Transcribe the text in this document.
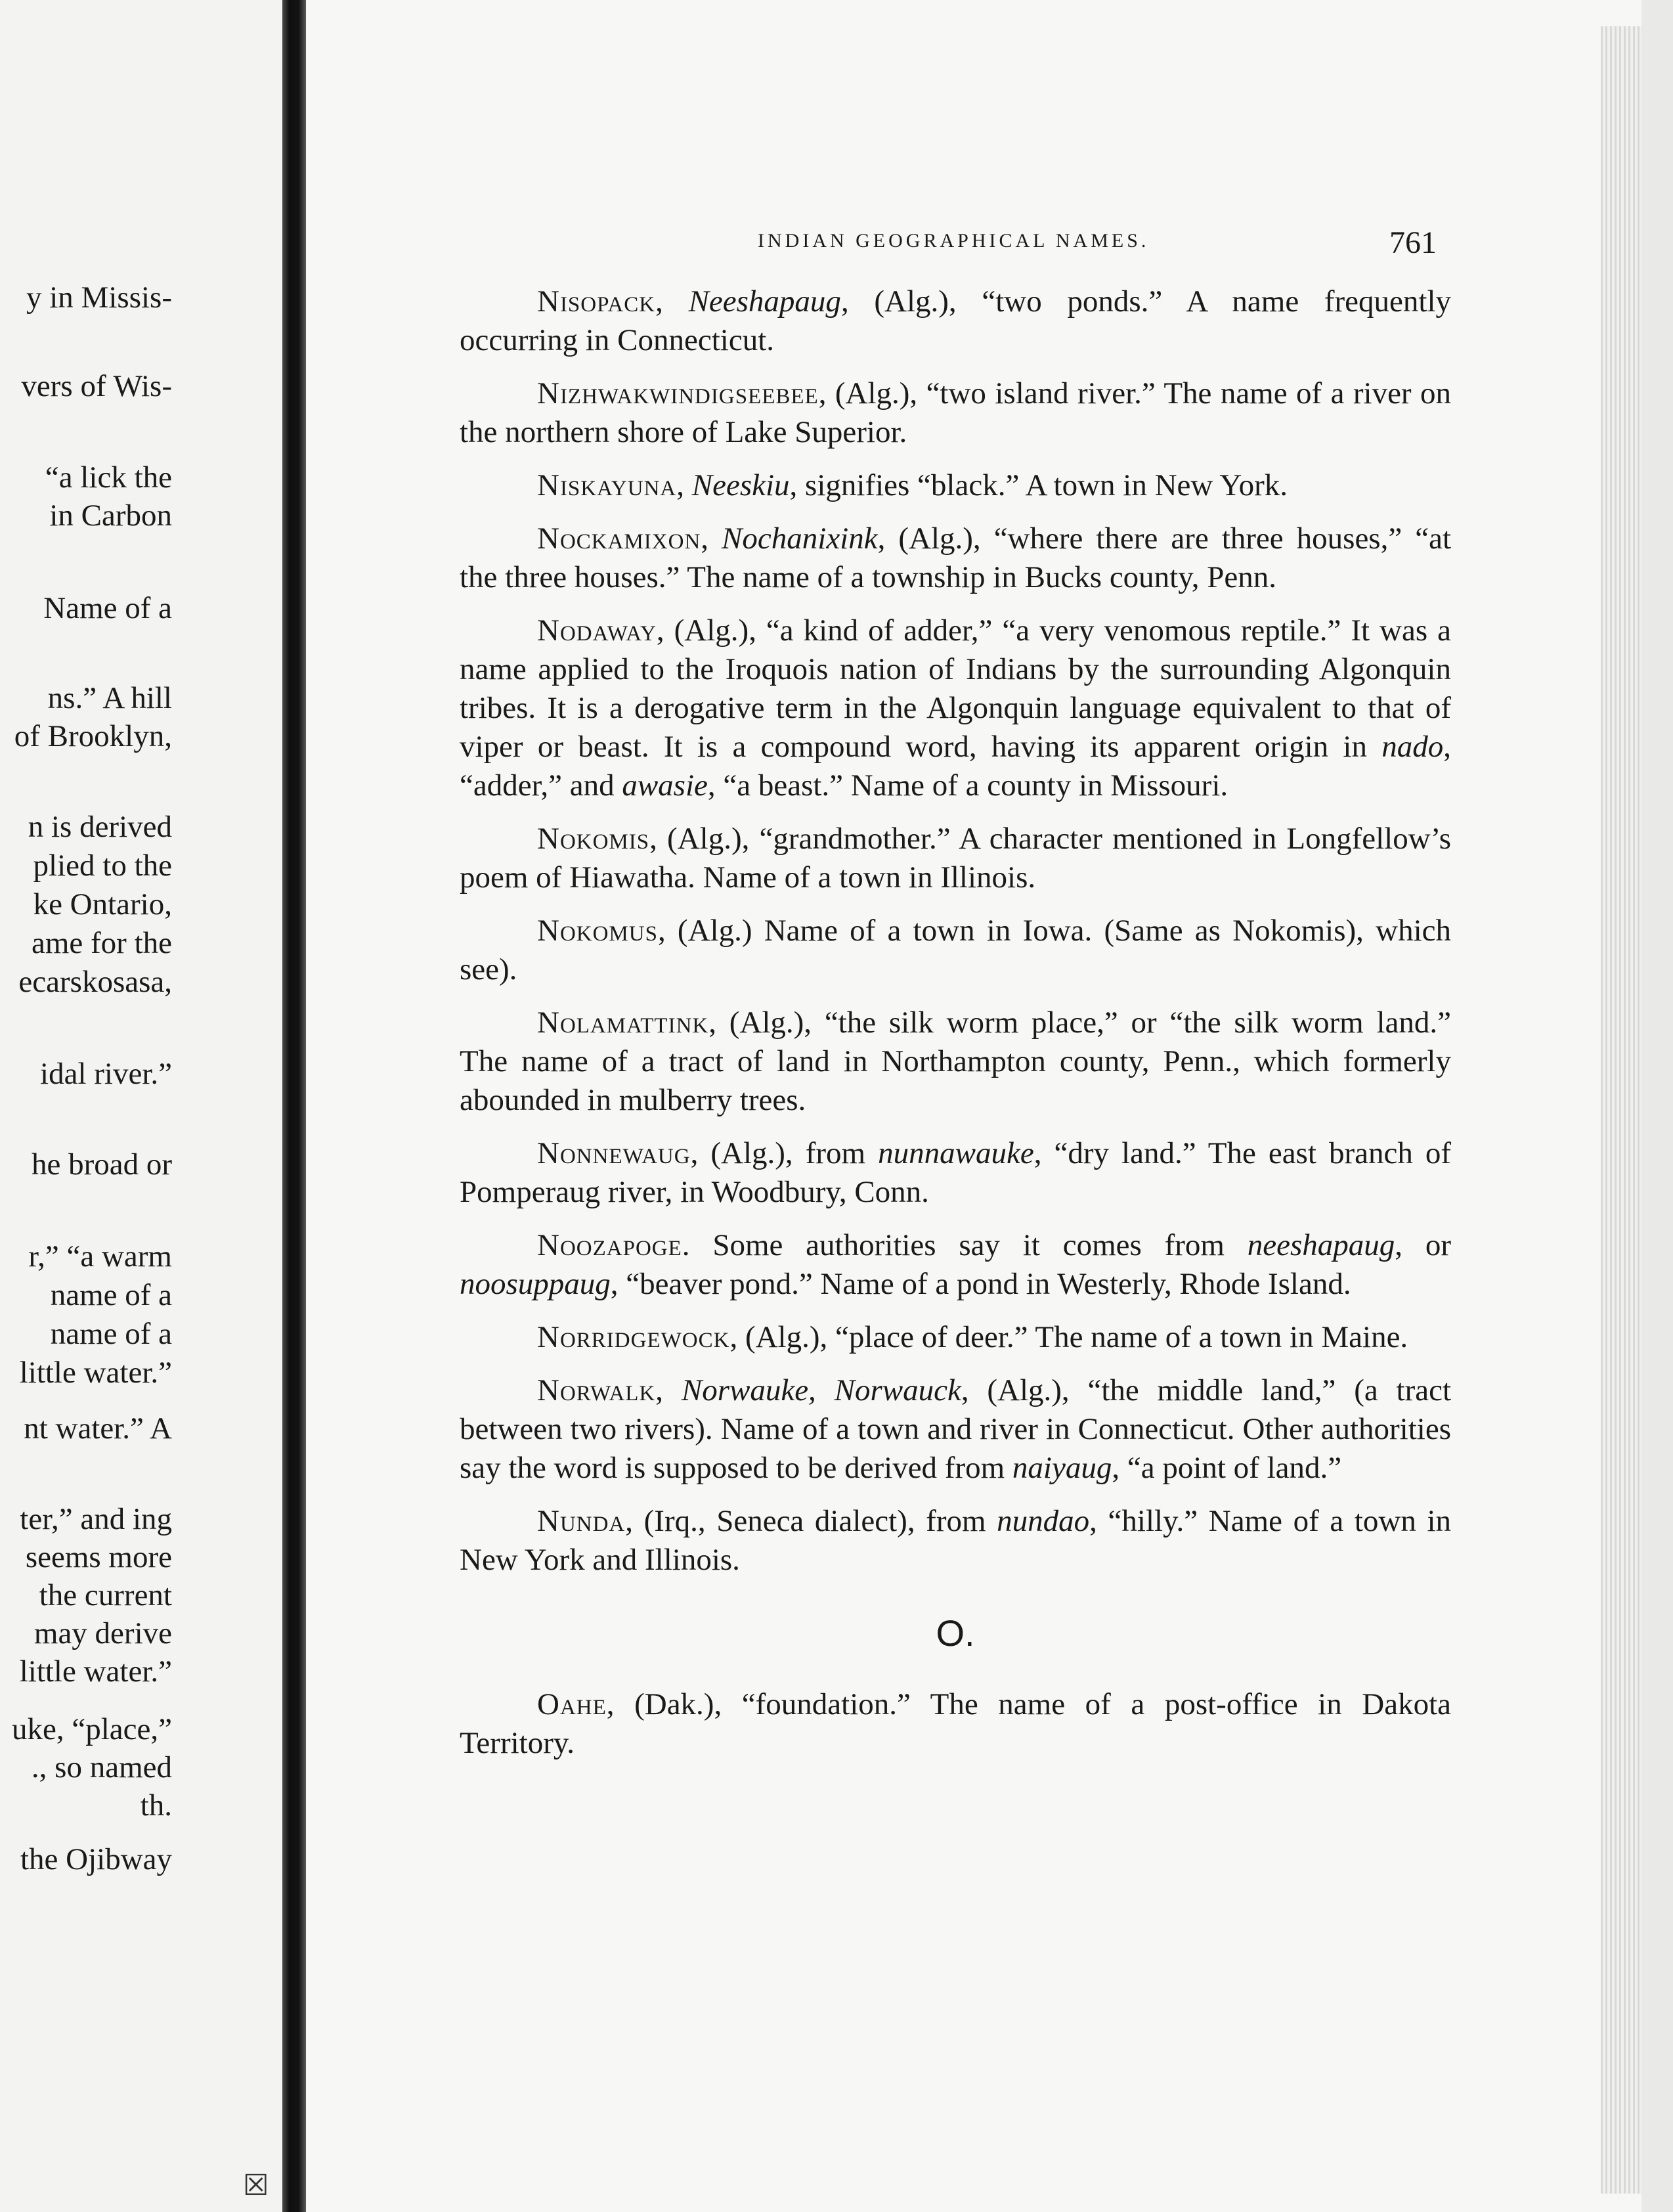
y in Missis-
vers of Wis-
“a lick the
in Carbon
Name of a
ns.” A hill
of Brooklyn,
n is derived
plied to the
ke Ontario,
ame for the
ecarskosasa,
idal river.”
he broad or
r,” “a warm
name of a
name of a
little water.”
nt water.” A
ter,” and ing
seems more
the current
may derive
little water.”
uke, “place,”
., so named
th.
the Ojibway
INDIAN GEOGRAPHICAL NAMES.	761

Nisopack, Neeshapaug, (Alg.), “two ponds.” A name frequently occurring in Connecticut.

Nizhwakwindigseebee, (Alg.), “two island river.” The name of a river on the northern shore of Lake Superior.

Niskayuna, Neeskiu, signifies “black.” A town in New York.

Nockamixon, Nochanixink, (Alg.), “where there are three houses,” “at the three houses.” The name of a township in Bucks county, Penn.

Nodaway, (Alg.), “a kind of adder,” “a very venomous reptile.” It was a name applied to the Iroquois nation of Indians by the surrounding Algonquin tribes. It is a derogative term in the Algonquin language equivalent to that of viper or beast. It is a compound word, having its apparent origin in nado, “adder,” and awasie, “a beast.” Name of a county in Missouri.

Nokomis, (Alg.), “grandmother.” A character mentioned in Longfellow’s poem of Hiawatha. Name of a town in Illinois.

Nokomus, (Alg.) Name of a town in Iowa. (Same as Nokomis), which see).

Nolamattink, (Alg.), “the silk worm place,” or “the silk worm land.” The name of a tract of land in Northampton county, Penn., which formerly abounded in mulberry trees.

Nonnewaug, (Alg.), from nunnawauke, “dry land.” The east branch of Pomperaug river, in Woodbury, Conn.

Noozapoge. Some authorities say it comes from neeshapaug, or noosuppaug, “beaver pond.” Name of a pond in Westerly, Rhode Island.

Norridgewock, (Alg.), “place of deer.” The name of a town in Maine.

Norwalk, Norwauke, Norwauck, (Alg.), “the middle land,” (a tract between two rivers). Name of a town and river in Connecticut. Other authorities say the word is supposed to be derived from naiyaug, “a point of land.”

Nunda, (Irq., Seneca dialect), from nundao, “hilly.” Name of a town in New York and Illinois.

O.

Oahe, (Dak.), “foundation.” The name of a post-office in Dakota Territory.

☒
